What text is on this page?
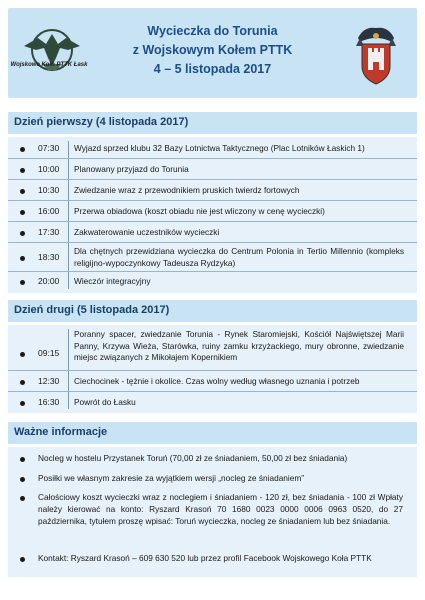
Wojskowe Koło PTTK Łask
Wycieczka do Torunia
z Wojskowym Kołem PTTK
4 – 5 listopada 2017
Dzień pierwszy (4 listopada 2017)
07:30 Wyjazd sprzed klubu 32 Bazy Lotnictwa Taktycznego (Plac Lotników Łaskich 1)
10:00 Planowany przyjazd do Torunia
10:30 Zwiedzanie wraz z przewodnikiem pruskich twierdz fortowych
16:00 Przerwa obiadowa (koszt obiadu nie jest wliczony w cenę wycieczki)
17:30 Zakwaterowanie uczestników wycieczki
18:30
Dla chętnych przewidziana wycieczka do Centrum Polonia in Tertio Millennio (kompleks religijno-wypoczynkowy Tadeusza Rydzyka)
20:00 Wieczór integracyjny
Dzień drugi (5 listopada 2017)
09:15
Poranny spacer, zwiedzanie Torunia - Rynek Staromiejski, Kościół Najświętszej Marii Panny, Krzywa Wieża, Starówka, ruiny zamku krzyżackiego, mury obronne, zwiedzanie miejsc związanych z Mikołajem Kopernikiem
12:30 Ciechocinek - tężnie i okolice. Czas wolny według własnego uznania i potrzeb
16:30 Powrót do Łasku
Ważne informacje
Nocleg w hostelu Przystanek Toruń (70,00 zł ze śniadaniem, 50,00 zł bez śniadania)
Posiłki we własnym zakresie za wyjątkiem wersji „nocleg ze śniadaniem”
Całościowy koszt wycieczki wraz z noclegiem i śniadaniem - 120 zł, bez śniadania - 100 zł Wpłaty należy kierować na konto: Ryszard Krasoń 70 1680 0023 0000 0006 0963 0520, do 27 października, tytułem proszę wpisać: Toruń wycieczka, nocleg ze śniadaniem lub bez śniadania.
Kontakt: Ryszard Krasoń – 609 630 520 lub przez profil Facebook Wojskowego Koła PTTK
